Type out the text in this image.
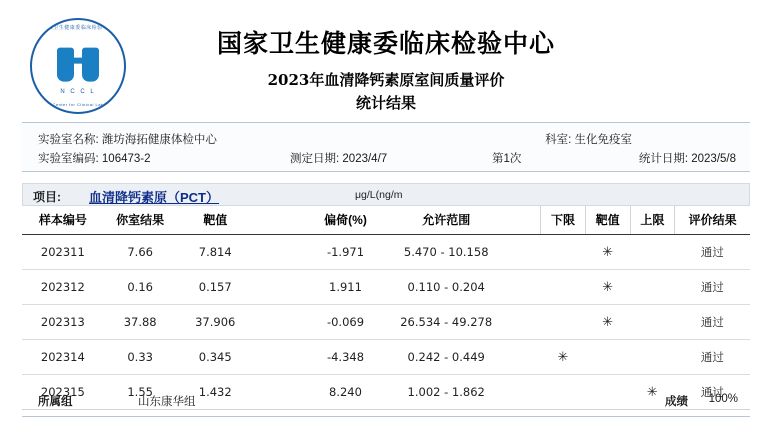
国家卫生健康委临床检验中心
N C C L
National Center for Clinical Laboratories
国家卫生健康委临床检验中心
2023年血清降钙素原室间质量评价
统计结果
实验室名称: 潍坊海拓健康体检中心
实验室编码: 106473-2	测定日期: 2023/4/7	第1次
科室: 生化免疫室
统计日期: 2023/5/8
项目: 血清降钙素原（PCT）	μg/L(ng/m
样本编号	你室结果	靶值		偏倚(%)	允许范围		下限	靶值	上限	评价结果
202311	7.66	7.814		-1.971	5.470 - 10.158			✳		通过
202312	0.16	0.157		1.911	0.110 - 0.204			✳		通过
202313	37.88	37.906		-0.069	26.534 - 49.278			✳		通过
202314	0.33	0.345		-4.348	0.242 - 0.449		✳			通过
202315	1.55	1.432		8.240	1.002 - 1.862				✳	通过
所属组	山东康华组	成绩 100%
